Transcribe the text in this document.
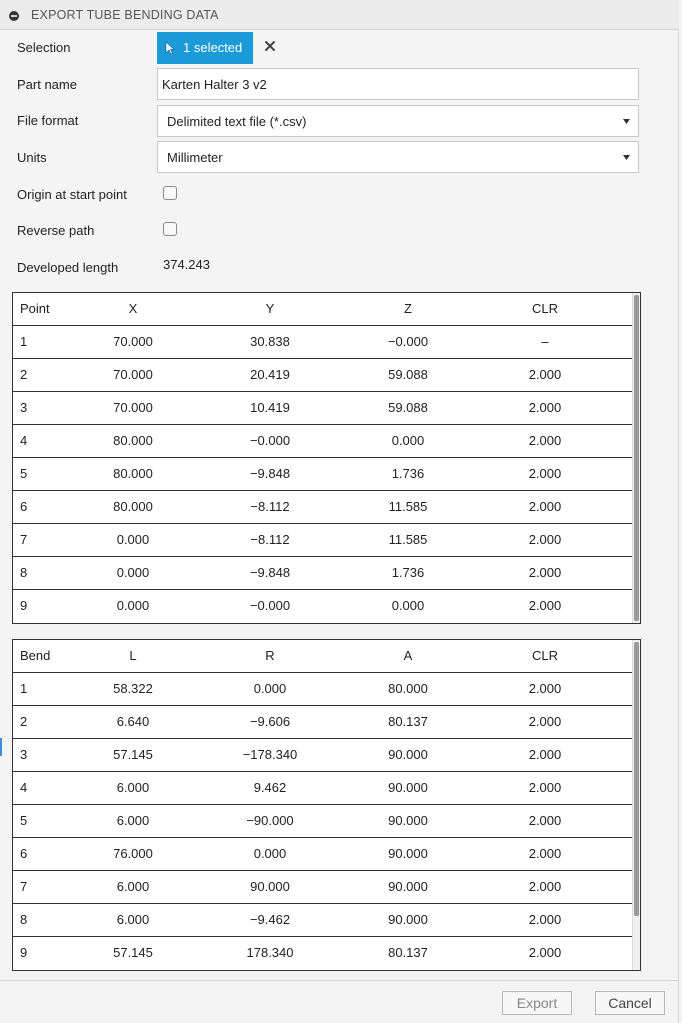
EXPORT TUBE BENDING DATA
Selection	1 selected
Part name
Karten Halter 3 v2
File format	Delimited text file (*.csv)
Units	Millimeter
Origin at start point
Reverse path
Developed length	374.243
Point	X	Y	Z	CLR
1	70.000	30.838	−0.000	–
2	70.000	20.419	59.088	2.000
3	70.000	10.419	59.088	2.000
4	80.000	−0.000	0.000	2.000
5	80.000	−9.848	1.736	2.000
6	80.000	−8.112	11.585	2.000
7	0.000	−8.112	11.585	2.000
8	0.000	−9.848	1.736	2.000
9	0.000	−0.000	0.000	2.000
Bend	L	R	A	CLR
1	58.322	0.000	80.000	2.000
2	6.640	−9.606	80.137	2.000
3	57.145	−178.340	90.000	2.000
4	6.000	9.462	90.000	2.000
5	6.000	−90.000	90.000	2.000
6	76.000	0.000	90.000	2.000
7	6.000	90.000	90.000	2.000
8	6.000	−9.462	90.000	2.000
9	57.145	178.340	80.137	2.000
Export	Cancel
